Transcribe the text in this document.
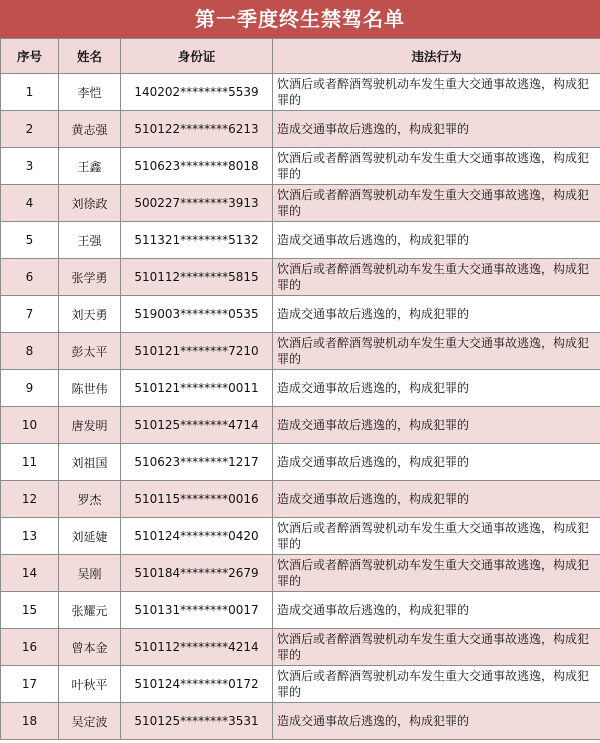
第一季度终生禁驾名单
序号	姓名	身份证	违法行为
1	李恺	140202********5539	饮酒后或者醉酒驾驶机动车发生重大交通事故逃逸，构成犯罪的
2	黄志强	510122********6213	造成交通事故后逃逸的，构成犯罪的
3	王鑫	510623********8018	饮酒后或者醉酒驾驶机动车发生重大交通事故逃逸，构成犯罪的
4	刘徐政	500227********3913	饮酒后或者醉酒驾驶机动车发生重大交通事故逃逸，构成犯罪的
5	王强	511321********5132	造成交通事故后逃逸的，构成犯罪的
6	张学勇	510112********5815	饮酒后或者醉酒驾驶机动车发生重大交通事故逃逸，构成犯罪的
7	刘天勇	519003********0535	造成交通事故后逃逸的，构成犯罪的
8	彭太平	510121********7210	饮酒后或者醉酒驾驶机动车发生重大交通事故逃逸，构成犯罪的
9	陈世伟	510121********0011	造成交通事故后逃逸的，构成犯罪的
10	唐发明	510125********4714	造成交通事故后逃逸的，构成犯罪的
11	刘祖国	510623********1217	造成交通事故后逃逸的，构成犯罪的
12	罗杰	510115********0016	造成交通事故后逃逸的，构成犯罪的
13	刘延婕	510124********0420	饮酒后或者醉酒驾驶机动车发生重大交通事故逃逸，构成犯罪的
14	吴刚	510184********2679	饮酒后或者醉酒驾驶机动车发生重大交通事故逃逸，构成犯罪的
15	张耀元	510131********0017	造成交通事故后逃逸的，构成犯罪的
16	曾本金	510112********4214	饮酒后或者醉酒驾驶机动车发生重大交通事故逃逸，构成犯罪的
17	叶秋平	510124********0172	饮酒后或者醉酒驾驶机动车发生重大交通事故逃逸，构成犯罪的
18	吴定波	510125********3531	造成交通事故后逃逸的，构成犯罪的
